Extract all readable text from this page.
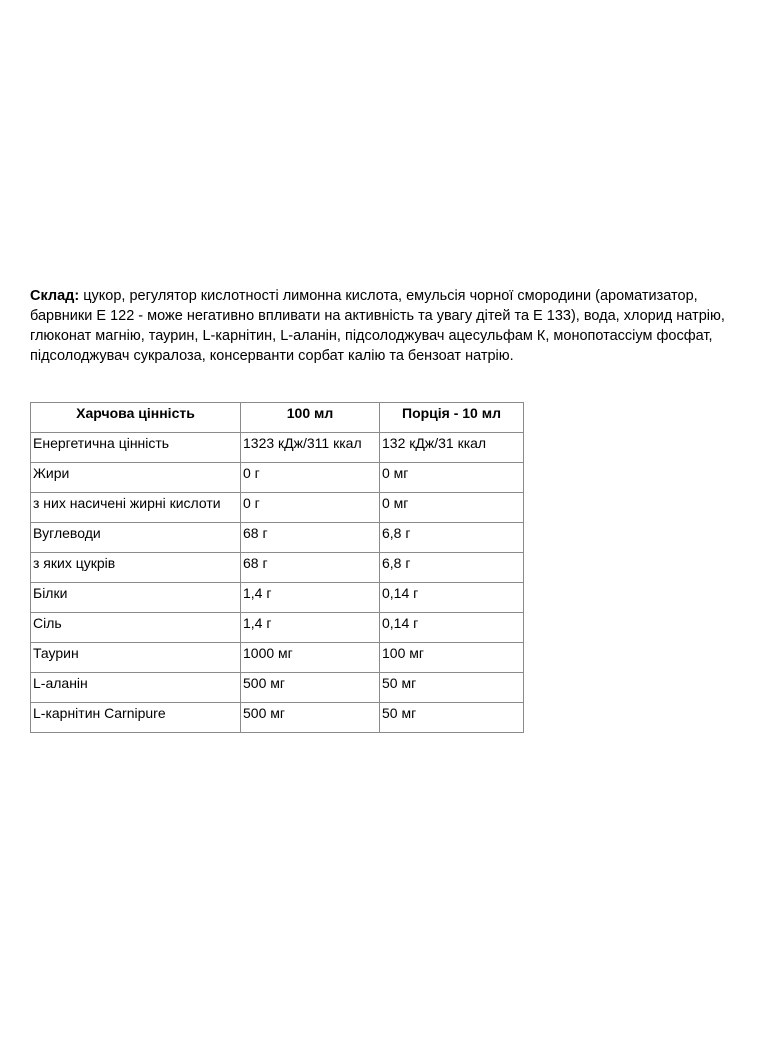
Склад: цукор, регулятор кислотності лимонна кислота, емульсія чорної смородини (ароматизатор, барвники Е 122 - може негативно впливати на активність та увагу дітей та Е 133), вода, хлорид натрію, глюконат магнію, таурин, L-карнітин, L-аланін, підсолоджувач ацесульфам К, монопотассіум фосфат, підсолоджувач сукралоза, консерванти сорбат калію та бензоат натрію.
Харчова цінність	100 мл	Порція - 10 мл
Енергетична цінність	1323 кДж/311 ккал	132 кДж/31 ккал
Жири	0 г	0 мг
з них насичені жирні кислоти	0 г	0 мг
Вуглеводи	68 г	6,8 г
з яких цукрів	68 г	6,8 г
Білки	1,4 г	0,14 г
Сіль	1,4 г	0,14 г
Таурин	1000 мг	100 мг
L-аланін	500 мг	50 мг
L-карнітин Carnipure	500 мг	50 мг
